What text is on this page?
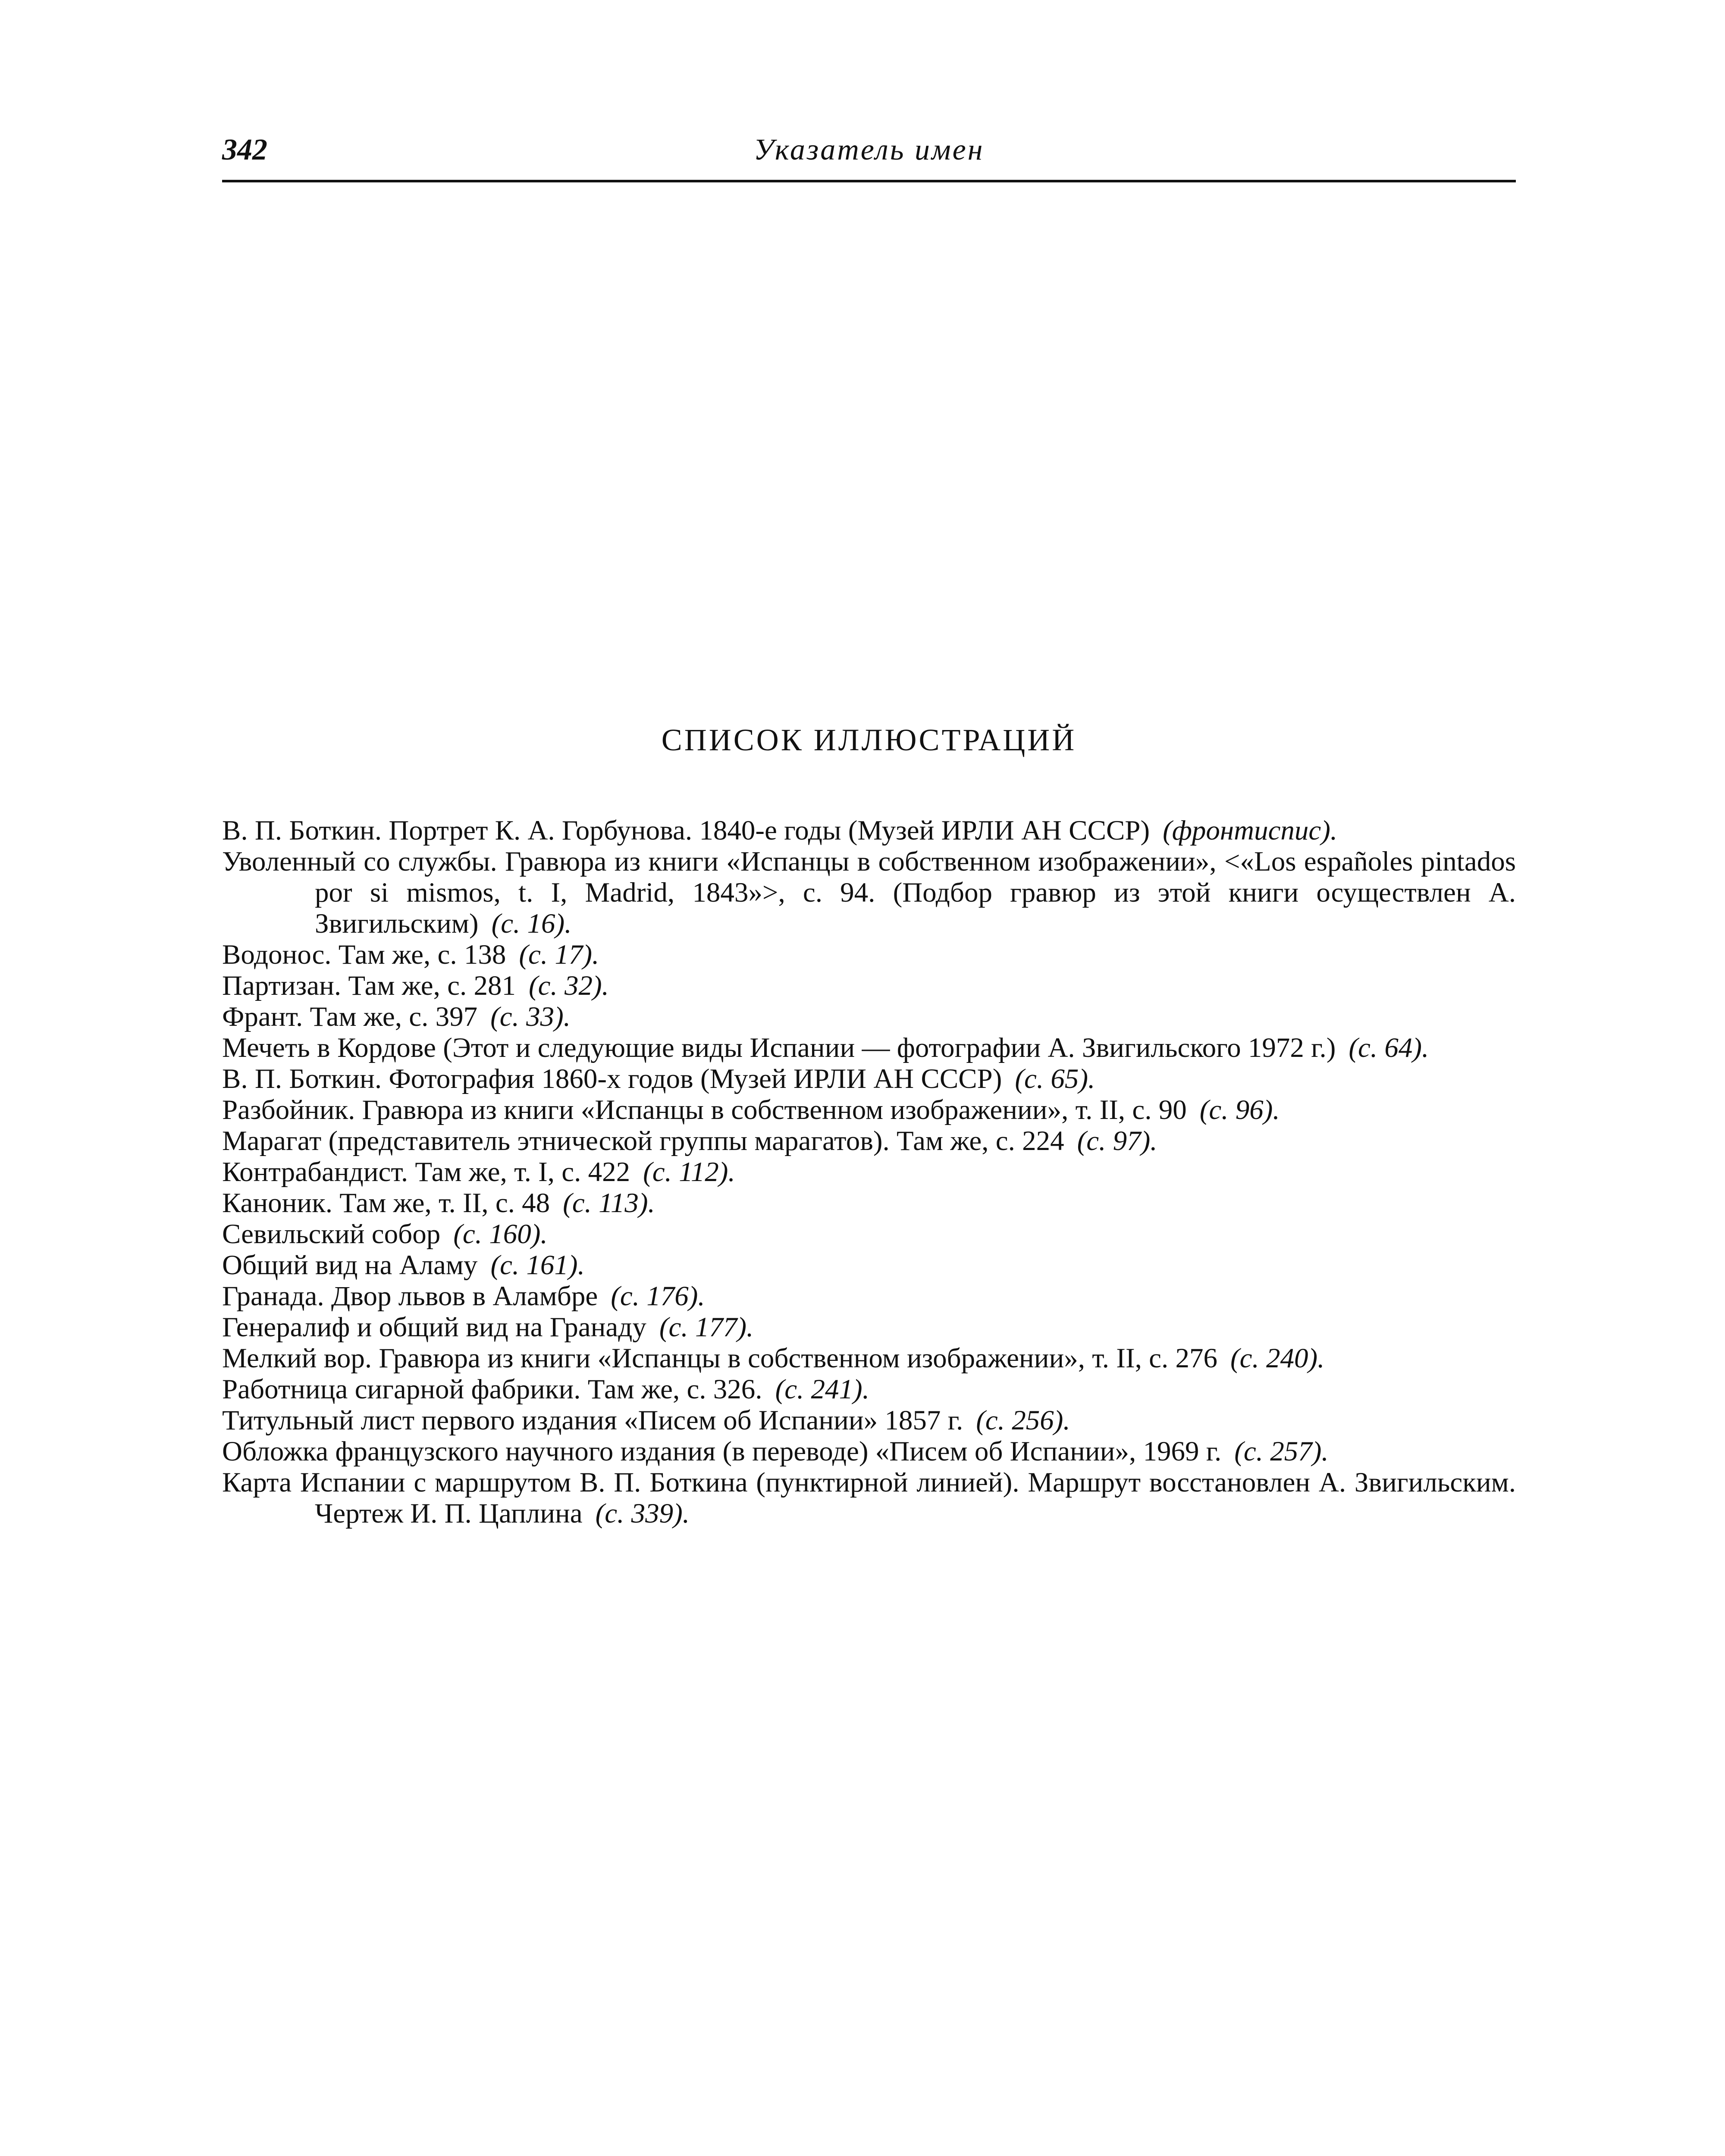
342	Указатель имен
СПИСОК ИЛЛЮСТРАЦИЙ
В. П. Боткин. Портрет К. А. Горбунова. 1840-е годы (Музей ИРЛИ АН СССР) (фронтиспис).
Уволенный со службы. Гравюра из книги «Испанцы в собственном изображении», <«Los españoles pintados por si mismos, t. I, Madrid, 1843»>, с. 94. (Подбор гравюр из этой книги осуществлен А. Звигильским) (с. 16).
Водонос. Там же, с. 138 (с. 17).
Партизан. Там же, с. 281 (с. 32).
Франт. Там же, с. 397 (с. 33).
Мечеть в Кордове (Этот и следующие виды Испании — фотографии А. Звигильского 1972 г.) (с. 64).
В. П. Боткин. Фотография 1860-х годов (Музей ИРЛИ АН СССР) (с. 65).
Разбойник. Гравюра из книги «Испанцы в собственном изображении», т. II, с. 90 (с. 96).
Марагат (представитель этнической группы марагатов). Там же, с. 224 (с. 97).
Контрабандист. Там же, т. I, с. 422 (с. 112).
Каноник. Там же, т. II, с. 48 (с. 113).
Севильский собор (с. 160).
Общий вид на Аламу (с. 161).
Гранада. Двор львов в Аламбре (с. 176).
Генералиф и общий вид на Гранаду (с. 177).
Мелкий вор. Гравюра из книги «Испанцы в собственном изображении», т. II, с. 276 (с. 240).
Работница сигарной фабрики. Там же, с. 326. (с. 241).
Титульный лист первого издания «Писем об Испании» 1857 г. (с. 256).
Обложка французского научного издания (в переводе) «Писем об Испании», 1969 г. (с. 257).
Карта Испании с маршрутом В. П. Боткина (пунктирной линией). Маршрут восстановлен А. Звигильским. Чертеж И. П. Цаплина (с. 339).
